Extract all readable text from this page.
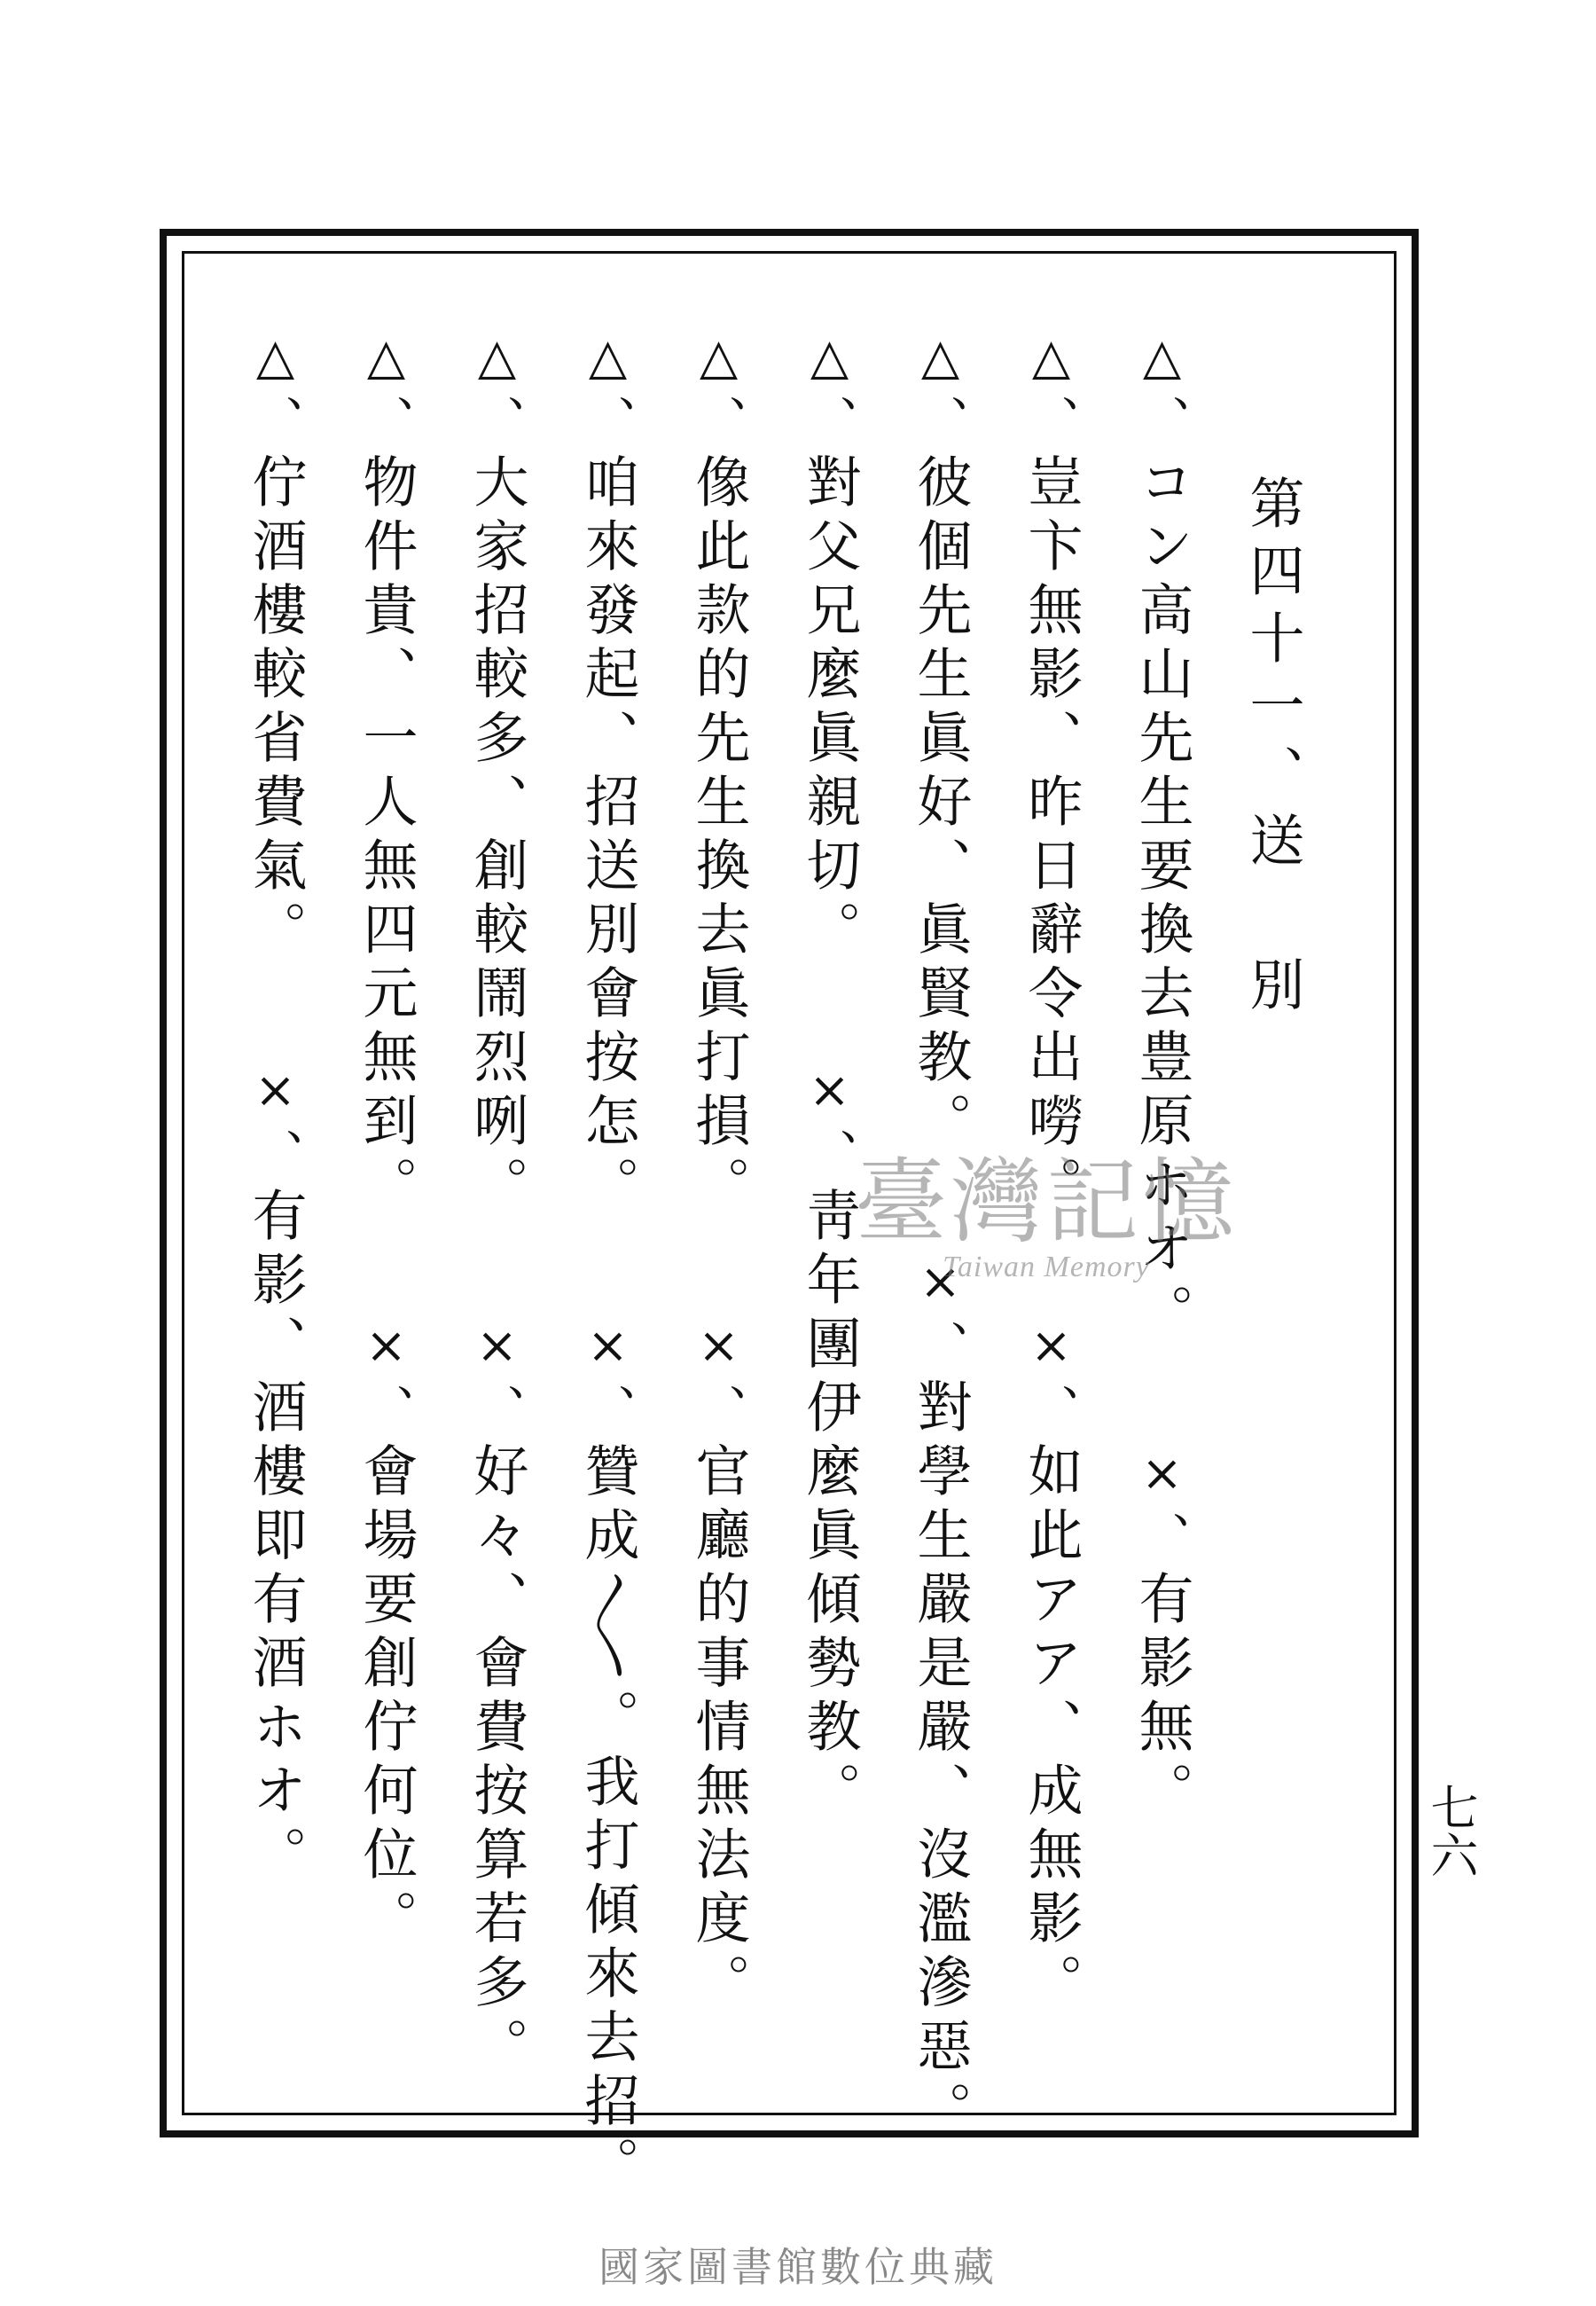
第四十一、送 別
△、コン高山先生要換去豊原ホオ。×、有影無。
△、豈卞無影、昨日辭令出嘮。×、如此アア、成無影。
△、彼個先生眞好、眞賢教。×、對學生嚴是嚴、沒濫滲惡。
△、對父兄麼眞親切。×、靑年團伊麼眞傾勢教。
△、像此款的先生換去眞打損。×、官廳的事情無法度。
△、咱來發起、招送別會按怎。×、贊成〱。我打傾來去招。
△、大家招較多、創較鬧烈咧。×、好々、會費按算若多。
△、物件貴、一人無四元無到。×、會場要創佇何位。
△、佇酒樓較省費氣。×、有影、酒樓即有酒ホオ。	七六
臺灣記憶
Taiwan Memory
國家圖書館數位典藏
